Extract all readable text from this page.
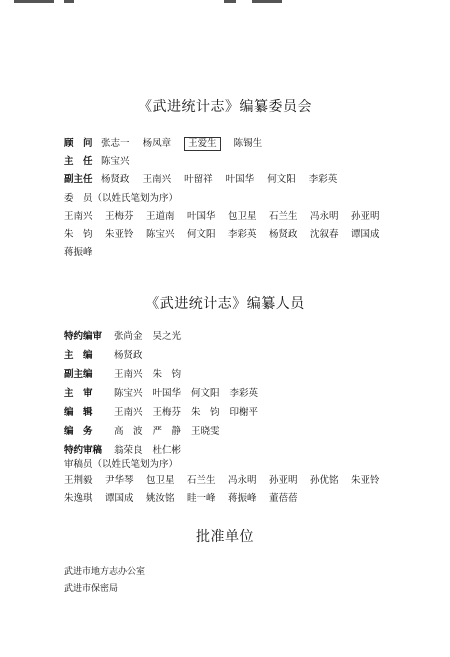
《武进统计志》编纂委员会
顾　问 张志一 杨凤章 王爱生 陈锡生
主　任 陈宝兴
副主任 杨贤政 王南兴 叶留祥 叶国华 何文阳 李彩英
委　员（以姓氏笔划为序）
王南兴 王梅芬 王道南 叶国华 包卫星 石兰生 冯永明 孙亚明
朱　钧 朱亚铃 陈宝兴 何文阳 李彩英 杨贤政 沈叙春 谭国成
蒋振峰
《武进统计志》编纂人员
特约编审 张尚金 吴之光
主　编 杨贤政
副主编 王南兴 朱　钧
主　审 陈宝兴 叶国华 何文阳 李彩英
编　辑 王南兴 王梅芬 朱　钧 印榭平
编　务 高　波 严　静 王晓雯
特约审稿 翁荣良 杜仁彬
审稿员（以姓氏笔划为序）
王荆毅 尹华琴 包卫星 石兰生 冯永明 孙亚明 孙优铭 朱亚铃
朱逸琪 谭国成 姚汝铭 眭一峰 蒋振峰 董蓓蓓
批准单位
武进市地方志办公室
武进市保密局
